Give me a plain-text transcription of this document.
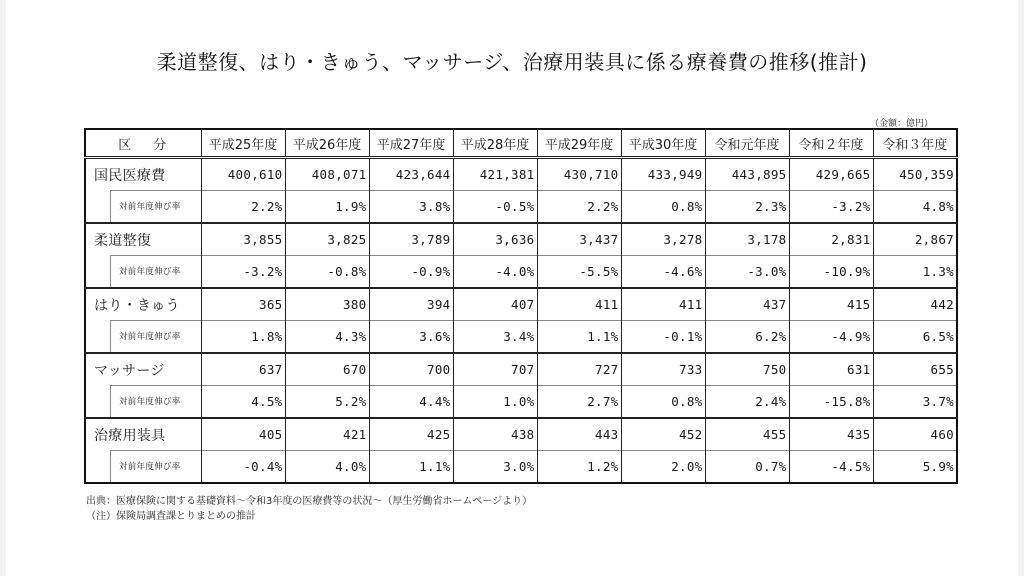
柔道整復、はり・きゅう、マッサージ、治療用装具に係る療養費の推移(推計)
（金額：億円）
区分	平成25年度	平成26年度	平成27年度	平成28年度	平成29年度	平成30年度	令和元年度	令和２年度	令和３年度
国民医療費	400,610	408,071	423,644	421,381	430,710	433,949	443,895	429,665	450,359

対前年度伸び率	2.2%	1.9%	3.8%	-0.5%	2.2%	0.8%	2.3%	-3.2%	4.8%
柔道整復	3,855	3,825	3,789	3,636	3,437	3,278	3,178	2,831	2,867

対前年度伸び率	-3.2%	-0.8%	-0.9%	-4.0%	-5.5%	-4.6%	-3.0%	-10.9%	1.3%
はり・きゅう	365	380	394	407	411	411	437	415	442

対前年度伸び率	1.8%	4.3%	3.6%	3.4%	1.1%	-0.1%	6.2%	-4.9%	6.5%
マッサージ	637	670	700	707	727	733	750	631	655

対前年度伸び率	4.5%	5.2%	4.4%	1.0%	2.7%	0.8%	2.4%	-15.8%	3.7%
治療用装具	405	421	425	438	443	452	455	435	460

対前年度伸び率	-0.4%	4.0%	1.1%	3.0%	1.2%	2.0%	0.7%	-4.5%	5.9%
出典：医療保険に関する基礎資料～令和3年度の医療費等の状況～（厚生労働省ホームページより）
（注）保険局調査課とりまとめの推計
